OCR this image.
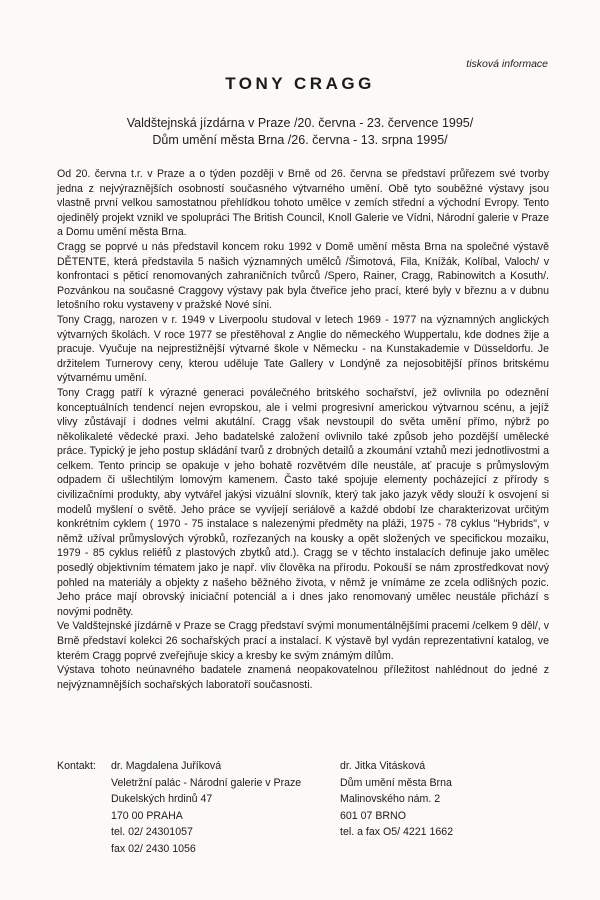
tisková informace
TONY CRAGG
Valdštejnská jízdárna v Praze /20. června - 23. července 1995/
Dům umění města Brna /26. června - 13. srpna 1995/

Od 20. června t.r. v Praze a o týden později v Brně od 26. června se představí průřezem své tvorby jedna z nejvýraznějších osobností současného výtvarného umění. Obě tyto souběžné výstavy jsou vlastně první velkou samostatnou přehlídkou tohoto umělce v zemích střední a východní Evropy. Tento ojedinělý projekt vznikl ve spolupráci The British Council, Knoll Galerie ve Vídni, Národní galerie v Praze a Domu umění města Brna.

Cragg se poprvé u nás představil koncem roku 1992 v Domě umění města Brna na společné výstavě DĚTENTE, která představila 5 našich významných umělců /Šimotová, Fila, Knížák, Kolíbal, Valoch/ v konfrontaci s pěticí renomovaných zahraničních tvůrců /Spero, Rainer, Cragg, Rabinowitch a Kosuth/. Pozvánkou na současné Craggovy výstavy pak byla čtveřice jeho prací, které byly v březnu a v dubnu letošního roku vystaveny v pražské Nové síni.

Tony Cragg, narozen v r. 1949 v Liverpoolu studoval v letech 1969 - 1977 na významných anglických výtvarných školách. V roce 1977 se přestěhoval z Anglie do německého Wuppertalu, kde dodnes žije a pracuje. Vyučuje na nejprestižnější výtvarné škole v Německu - na Kunstakademie v Düsseldorfu. Je držitelem Turnerovy ceny, kterou uděluje Tate Gallery v Londýně za nejosobitější přínos britskému výtvarnému umění.

Tony Cragg patří k výrazné generaci poválečného britského sochařství, jež ovlivnila po odeznění konceptuálních tendencí nejen evropskou, ale i velmi progresivní americkou výtvarnou scénu, a jejíž vlivy zůstávají i dodnes velmi akutální. Cragg však nevstoupil do světa umění přímo, nýbrž po několikaleté vědecké praxi. Jeho badatelské založení ovlivnilo také způsob jeho pozdější umělecké práce. Typický je jeho postup skládání tvarů z drobných detailů a zkoumání vztahů mezi jednotlivostmi a celkem. Tento princip se opakuje v jeho bohatě rozvětvém díle neustále, ať pracuje s průmyslovým odpadem či ušlechtilým lomovým kamenem. Často také spojuje elementy pocházející z přírody s civilizačními produkty, aby vytvářel jakýsi vizuální slovník, který tak jako jazyk vědy slouží k osvojení si modelů myšlení o světě. Jeho práce se vyvíjejí seriálově a každé období lze charakterizovat určitým konkrétním cyklem ( 1970 - 75 instalace s nalezenými předměty na pláži, 1975 - 78 cyklus "Hybrids", v němž užíval průmyslových výrobků, rozřezaných na kousky a opět složených ve specifickou mozaiku, 1979 - 85 cyklus reliéfů z plastových zbytků atd.). Cragg se v těchto instalacích definuje jako umělec posedlý objektivním tématem jako je např. vliv člověka na přírodu. Pokouší se nám zprostředkovat nový pohled na materiály a objekty z našeho běžného života, v němž je vnímáme ze zcela odlišných pozic. Jeho práce mají obrovský iniciační potenciál a i dnes jako renomovaný umělec neustále přichází s novými podněty.

Ve Valdštejnské jízdárně v Praze se Cragg představí svými monumentálnějšími pracemi /celkem 9 děl/, v Brně představí kolekci 26 sochařských prací a instalací. K výstavě byl vydán reprezentativní katalog, ve kterém Cragg poprvé zveřejňuje skicy a kresby ke svým známým dílům.

Výstava tohoto neúnavného badatele znamená neopakovatelnou příležitost nahlédnout do jedné z nejvýznamnějších sochařských laboratoří současnosti.

Kontakt: dr. Magdalena Juříková
Veletržní palác - Národní galerie v Praze
Dukelských hrdinů 47
170 00 PRAHA
tel. 02/ 24301057
fax 02/ 2430 1056
dr. Jitka Vitásková
Dům umění města Brna
Malinovského nám. 2
601 07 BRNO
tel. a fax O5/ 4221 1662
